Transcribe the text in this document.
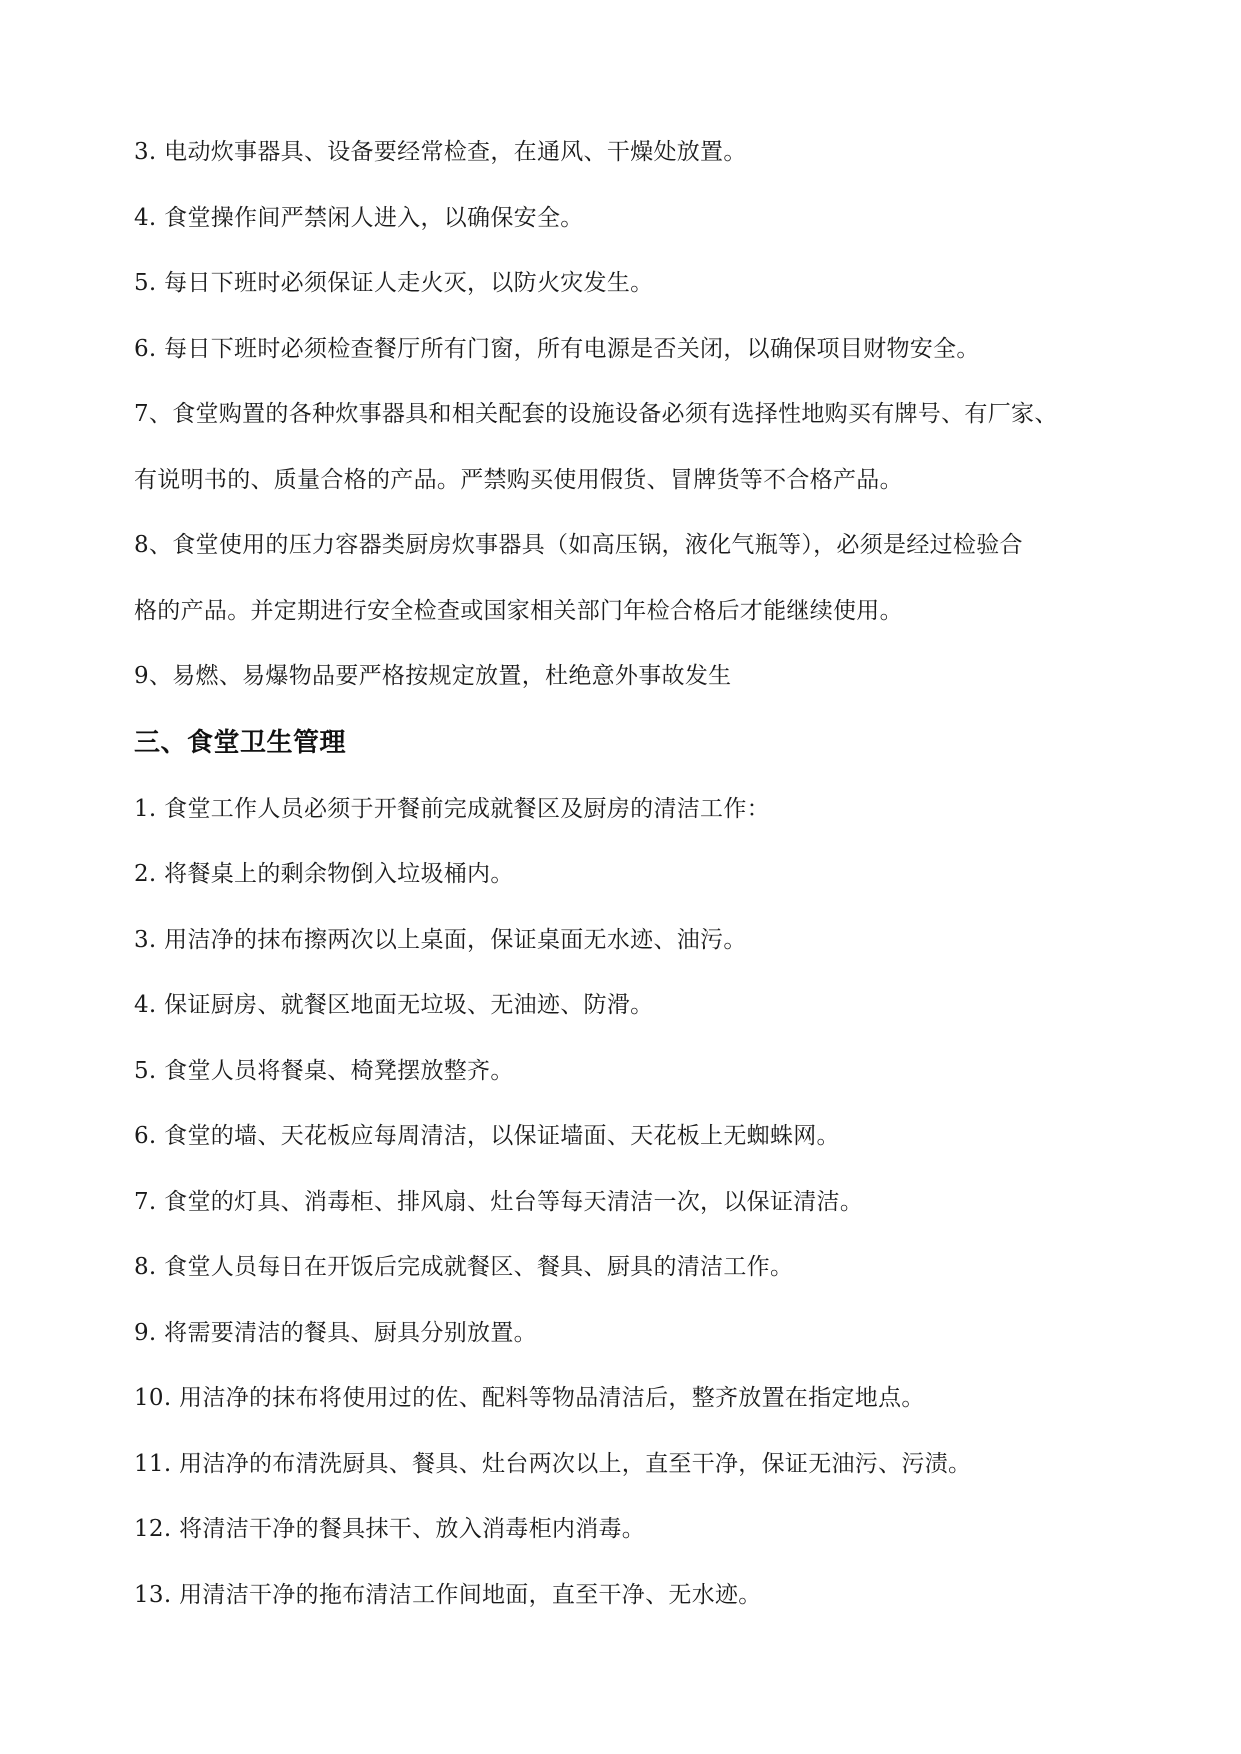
3. 电动炊事器具、设备要经常检查，在通风、干燥处放置。

4. 食堂操作间严禁闲人进入，以确保安全。

5. 每日下班时必须保证人走火灭，以防火灾发生。

6. 每日下班时必须检查餐厅所有门窗，所有电源是否关闭，以确保项目财物安全。

7、食堂购置的各种炊事器具和相关配套的设施设备必须有选择性地购买有牌号、有厂家、

有说明书的、质量合格的产品。严禁购买使用假货、冒牌货等不合格产品。

8、食堂使用的压力容器类厨房炊事器具（如高压锅，液化气瓶等），必须是经过检验合

格的产品。并定期进行安全检查或国家相关部门年检合格后才能继续使用。

9、易燃、易爆物品要严格按规定放置，杜绝意外事故发生

三、食堂卫生管理

1. 食堂工作人员必须于开餐前完成就餐区及厨房的清洁工作：

2. 将餐桌上的剩余物倒入垃圾桶内。

3. 用洁净的抹布擦两次以上桌面，保证桌面无水迹、油污。

4. 保证厨房、就餐区地面无垃圾、无油迹、防滑。

5. 食堂人员将餐桌、椅凳摆放整齐。

6. 食堂的墙、天花板应每周清洁，以保证墙面、天花板上无蜘蛛网。

7. 食堂的灯具、消毒柜、排风扇、灶台等每天清洁一次，以保证清洁。

8. 食堂人员每日在开饭后完成就餐区、餐具、厨具的清洁工作。

9. 将需要清洁的餐具、厨具分别放置。

10. 用洁净的抹布将使用过的佐、配料等物品清洁后，整齐放置在指定地点。

11. 用洁净的布清洗厨具、餐具、灶台两次以上，直至干净，保证无油污、污渍。

12. 将清洁干净的餐具抹干、放入消毒柜内消毒。

13. 用清洁干净的拖布清洁工作间地面，直至干净、无水迹。
